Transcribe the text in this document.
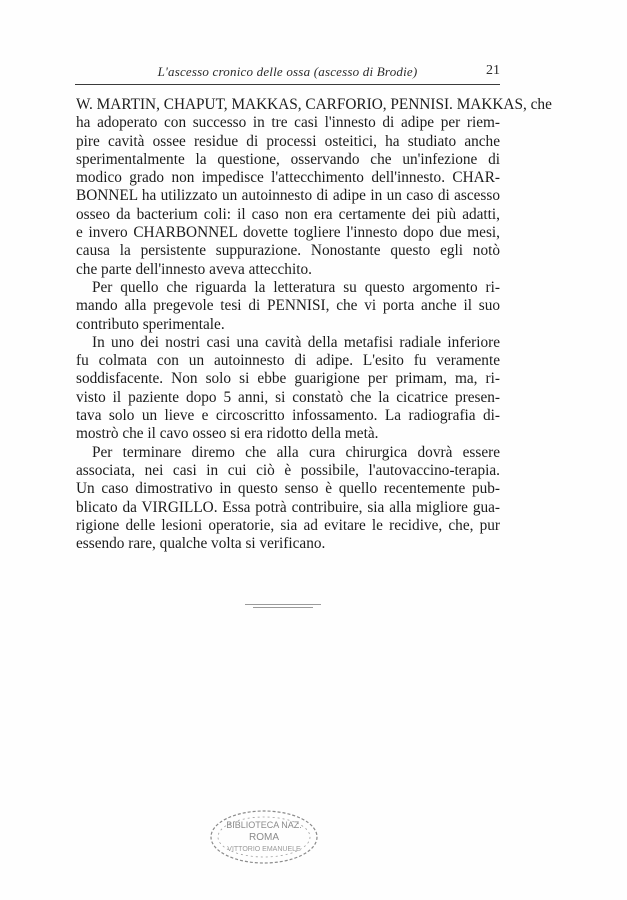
L'ascesso cronico delle ossa (ascesso di Brodie)	21
W. MARTIN, CHAPUT, MAKKAS, CARFORIO, PENNISI. MAKKAS, che
ha adoperato con successo in tre casi l'innesto di adipe per riem-
pire cavità ossee residue di processi osteitici, ha studiato anche
sperimentalmente la questione, osservando che un'infezione di
modico grado non impedisce l'attecchimento dell'innesto. CHAR-
BONNEL ha utilizzato un autoinnesto di adipe in un caso di ascesso
osseo da bacterium coli: il caso non era certamente dei più adatti,
e invero CHARBONNEL dovette togliere l'innesto dopo due mesi,
causa la persistente suppurazione. Nonostante questo egli notò
che parte dell'innesto aveva attecchito.
Per quello che riguarda la letteratura su questo argomento ri-
mando alla pregevole tesi di PENNISI, che vi porta anche il suo
contributo sperimentale.
In uno dei nostri casi una cavità della metafisi radiale inferiore
fu colmata con un autoinnesto di adipe. L'esito fu veramente
soddisfacente. Non solo si ebbe guarigione per primam, ma, ri-
visto il paziente dopo 5 anni, si constatò che la cicatrice presen-
tava solo un lieve e circoscritto infossamento. La radiografia di-
mostrò che il cavo osseo si era ridotto della metà.
Per terminare diremo che alla cura chirurgica dovrà essere
associata, nei casi in cui ciò è possibile, l'autovaccino-terapia.
Un caso dimostrativo in questo senso è quello recentemente pub-
blicato da VIRGILLO. Essa potrà contribuire, sia alla migliore gua-
rigione delle lesioni operatorie, sia ad evitare le recidive, che, pur
essendo rare, qualche volta si verificano.
BIBLIOTECA NAZ.
ROMA
VITTORIO EMANUELE
